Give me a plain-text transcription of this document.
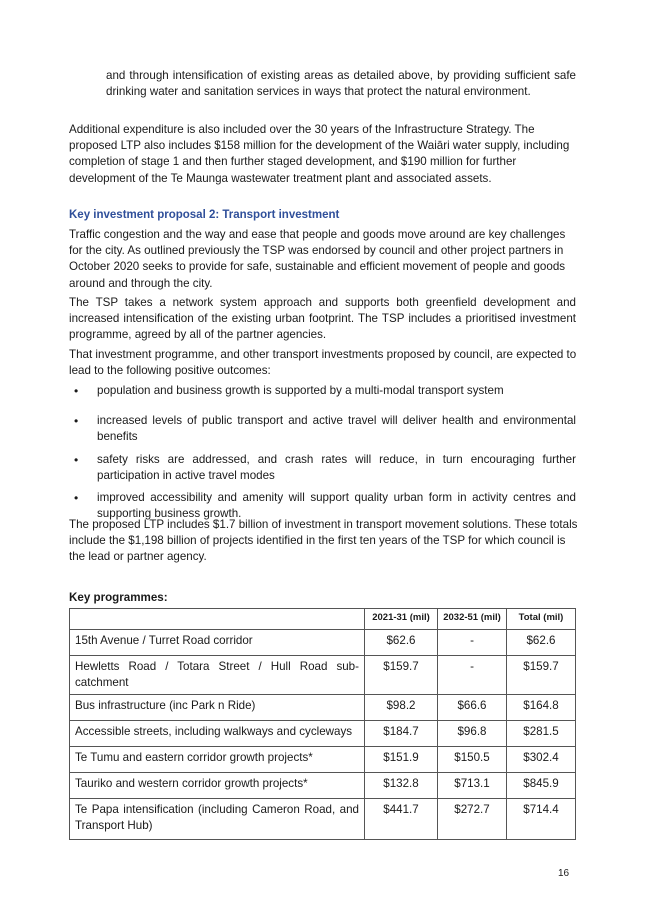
and through intensification of existing areas as detailed above, by providing sufficient safe drinking water and sanitation services in ways that protect the natural environment.

Additional expenditure is also included over the 30 years of the Infrastructure Strategy. The proposed LTP also includes $158 million for the development of the Waiāri water supply, including completion of stage 1 and then further staged development, and $190 million for further development of the Te Maunga wastewater treatment plant and associated assets.

Key investment proposal 2: Transport investment

Traffic congestion and the way and ease that people and goods move around are key challenges for the city. As outlined previously the TSP was endorsed by council and other project partners in October 2020 seeks to provide for safe, sustainable and efficient movement of people and goods around and through the city.

The TSP takes a network system approach and supports both greenfield development and increased intensification of the existing urban footprint. The TSP includes a prioritised investment programme, agreed by all of the partner agencies.

That investment programme, and other transport investments proposed by council, are expected to lead to the following positive outcomes:

• population and business growth is supported by a multi-modal transport system
• increased levels of public transport and active travel will deliver health and environmental benefits
• safety risks are addressed, and crash rates will reduce, in turn encouraging further participation in active travel modes
• improved accessibility and amenity will support quality urban form in activity centres and supporting business growth.

The proposed LTP includes $1.7 billion of investment in transport movement solutions. These totals include the $1,198 billion of projects identified in the first ten years of the TSP for which council is the lead or partner agency.

Key programmes:
	2021-31 (mil)	2032-51 (mil)	Total (mil)
15th Avenue / Turret Road corridor	$62.6	-	$62.6
Hewletts Road / Totara Street / Hull Road sub-catchment	$159.7	-	$159.7
Bus infrastructure (inc Park n Ride)	$98.2	$66.6	$164.8
Accessible streets, including walkways and cycleways	$184.7	$96.8	$281.5
Te Tumu and eastern corridor growth projects*	$151.9	$150.5	$302.4
Tauriko and western corridor growth projects*	$132.8	$713.1	$845.9
Te Papa intensification (including Cameron Road, and Transport Hub)	$441.7	$272.7	$714.4
16
